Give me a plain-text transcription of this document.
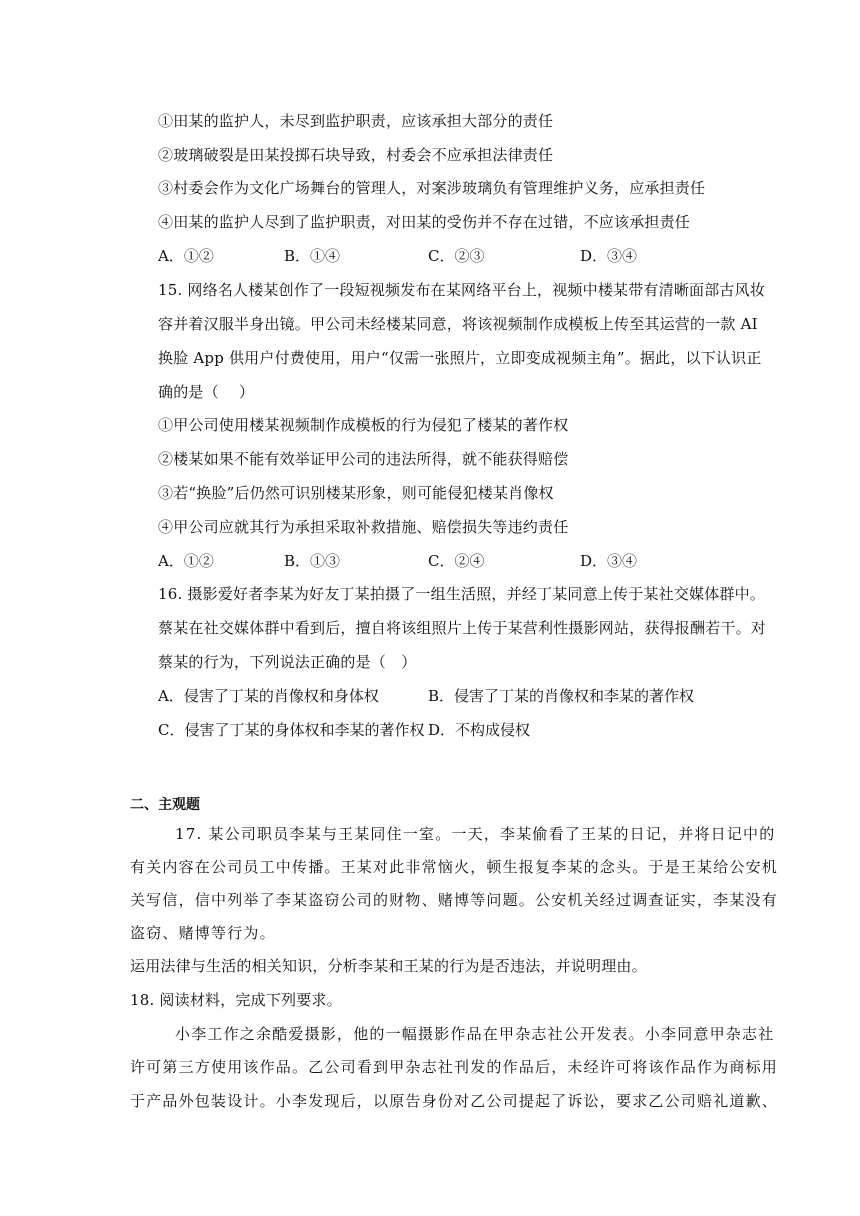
①田某的监护人，未尽到监护职责，应该承担大部分的责任
②玻璃破裂是田某投掷石块导致，村委会不应承担法律责任
③村委会作为文化广场舞台的管理人，对案涉玻璃负有管理维护义务，应承担责任
④田某的监护人尽到了监护职责，对田某的受伤并不存在过错，不应该承担责任
A．①②	B．①④	C．②③	D．③④
15. 网络名人楼某创作了一段短视频发布在某网络平台上，视频中楼某带有清晰面部古风妆
容并着汉服半身出镜。甲公司未经楼某同意，将该视频制作成模板上传至其运营的一款 AI
换脸 App 供用户付费使用，用户“仅需一张照片，立即变成视频主角”。据此，以下认识正
确的是（　 ）
①甲公司使用楼某视频制作成模板的行为侵犯了楼某的著作权
②楼某如果不能有效举证甲公司的违法所得，就不能获得赔偿
③若“换脸”后仍然可识别楼某形象，则可能侵犯楼某肖像权
④甲公司应就其行为承担采取补救措施、赔偿损失等违约责任
A．①②	B．①③	C．②④	D．③④
16. 摄影爱好者李某为好友丁某拍摄了一组生活照，并经丁某同意上传于某社交媒体群中。
蔡某在社交媒体群中看到后，擅自将该组照片上传于某营利性摄影网站，获得报酬若干。对
蔡某的行为，下列说法正确的是（　）
A．侵害了丁某的肖像权和身体权	B．侵害了丁某的肖像权和李某的著作权
C．侵害了丁某的身体权和李某的著作权 D．不构成侵权
二、主观题
17. 某公司职员李某与王某同住一室。一天，李某偷看了王某的日记，并将日记中的
有关内容在公司员工中传播。王某对此非常恼火，顿生报复李某的念头。于是王某给公安机
关写信，信中列举了李某盗窃公司的财物、赌博等问题。公安机关经过调查证实，李某没有
盗窃、赌博等行为。
运用法律与生活的相关知识，分析李某和王某的行为是否违法，并说明理由。
18. 阅读材料，完成下列要求。
小李工作之余酷爱摄影，他的一幅摄影作品在甲杂志社公开发表。小李同意甲杂志社
许可第三方使用该作品。乙公司看到甲杂志社刊发的作品后，未经许可将该作品作为商标用
于产品外包装设计。小李发现后，以原告身份对乙公司提起了诉讼，要求乙公司赔礼道歉、
